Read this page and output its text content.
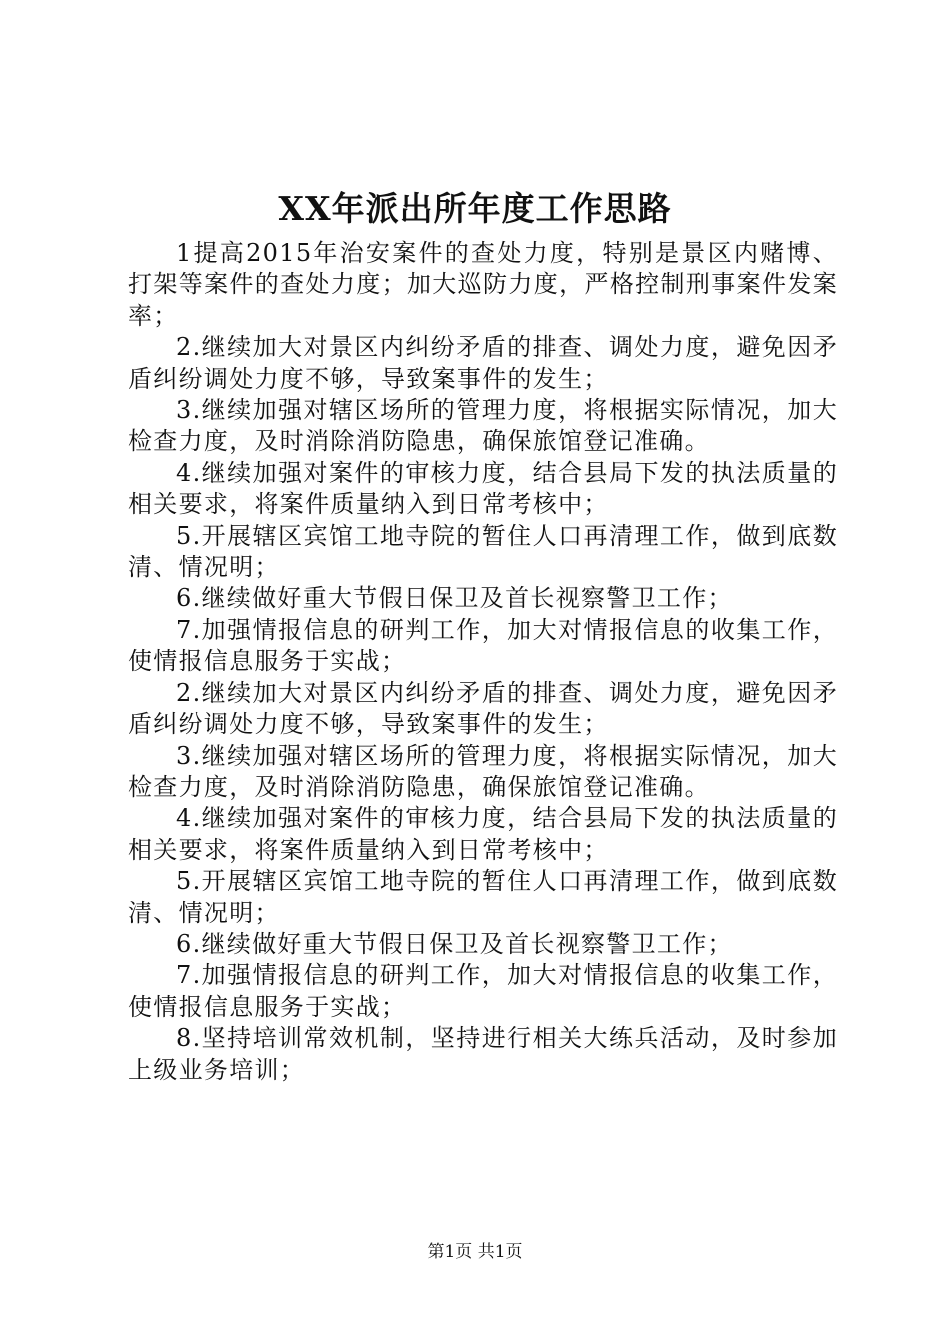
XX年派出所年度工作思路

1提高2015年治安案件的查处力度，特别是景区内赌博、打架等案件的查处力度；加大巡防力度，严格控制刑事案件发案率；

2.继续加大对景区内纠纷矛盾的排查、调处力度，避免因矛盾纠纷调处力度不够，导致案事件的发生；

3.继续加强对辖区场所的管理力度，将根据实际情况，加大检查力度，及时消除消防隐患，确保旅馆登记准确。

4.继续加强对案件的审核力度，结合县局下发的执法质量的相关要求，将案件质量纳入到日常考核中；

5.开展辖区宾馆工地寺院的暂住人口再清理工作，做到底数清、情况明；

6.继续做好重大节假日保卫及首长视察警卫工作；

7.加强情报信息的研判工作，加大对情报信息的收集工作，使情报信息服务于实战；

2.继续加大对景区内纠纷矛盾的排查、调处力度，避免因矛盾纠纷调处力度不够，导致案事件的发生；

3.继续加强对辖区场所的管理力度，将根据实际情况，加大检查力度，及时消除消防隐患，确保旅馆登记准确。

4.继续加强对案件的审核力度，结合县局下发的执法质量的相关要求，将案件质量纳入到日常考核中；

5.开展辖区宾馆工地寺院的暂住人口再清理工作，做到底数清、情况明；

6.继续做好重大节假日保卫及首长视察警卫工作；

7.加强情报信息的研判工作，加大对情报信息的收集工作，使情报信息服务于实战；

8.坚持培训常效机制，坚持进行相关大练兵活动，及时参加上级业务培训；

第1页 共1页
